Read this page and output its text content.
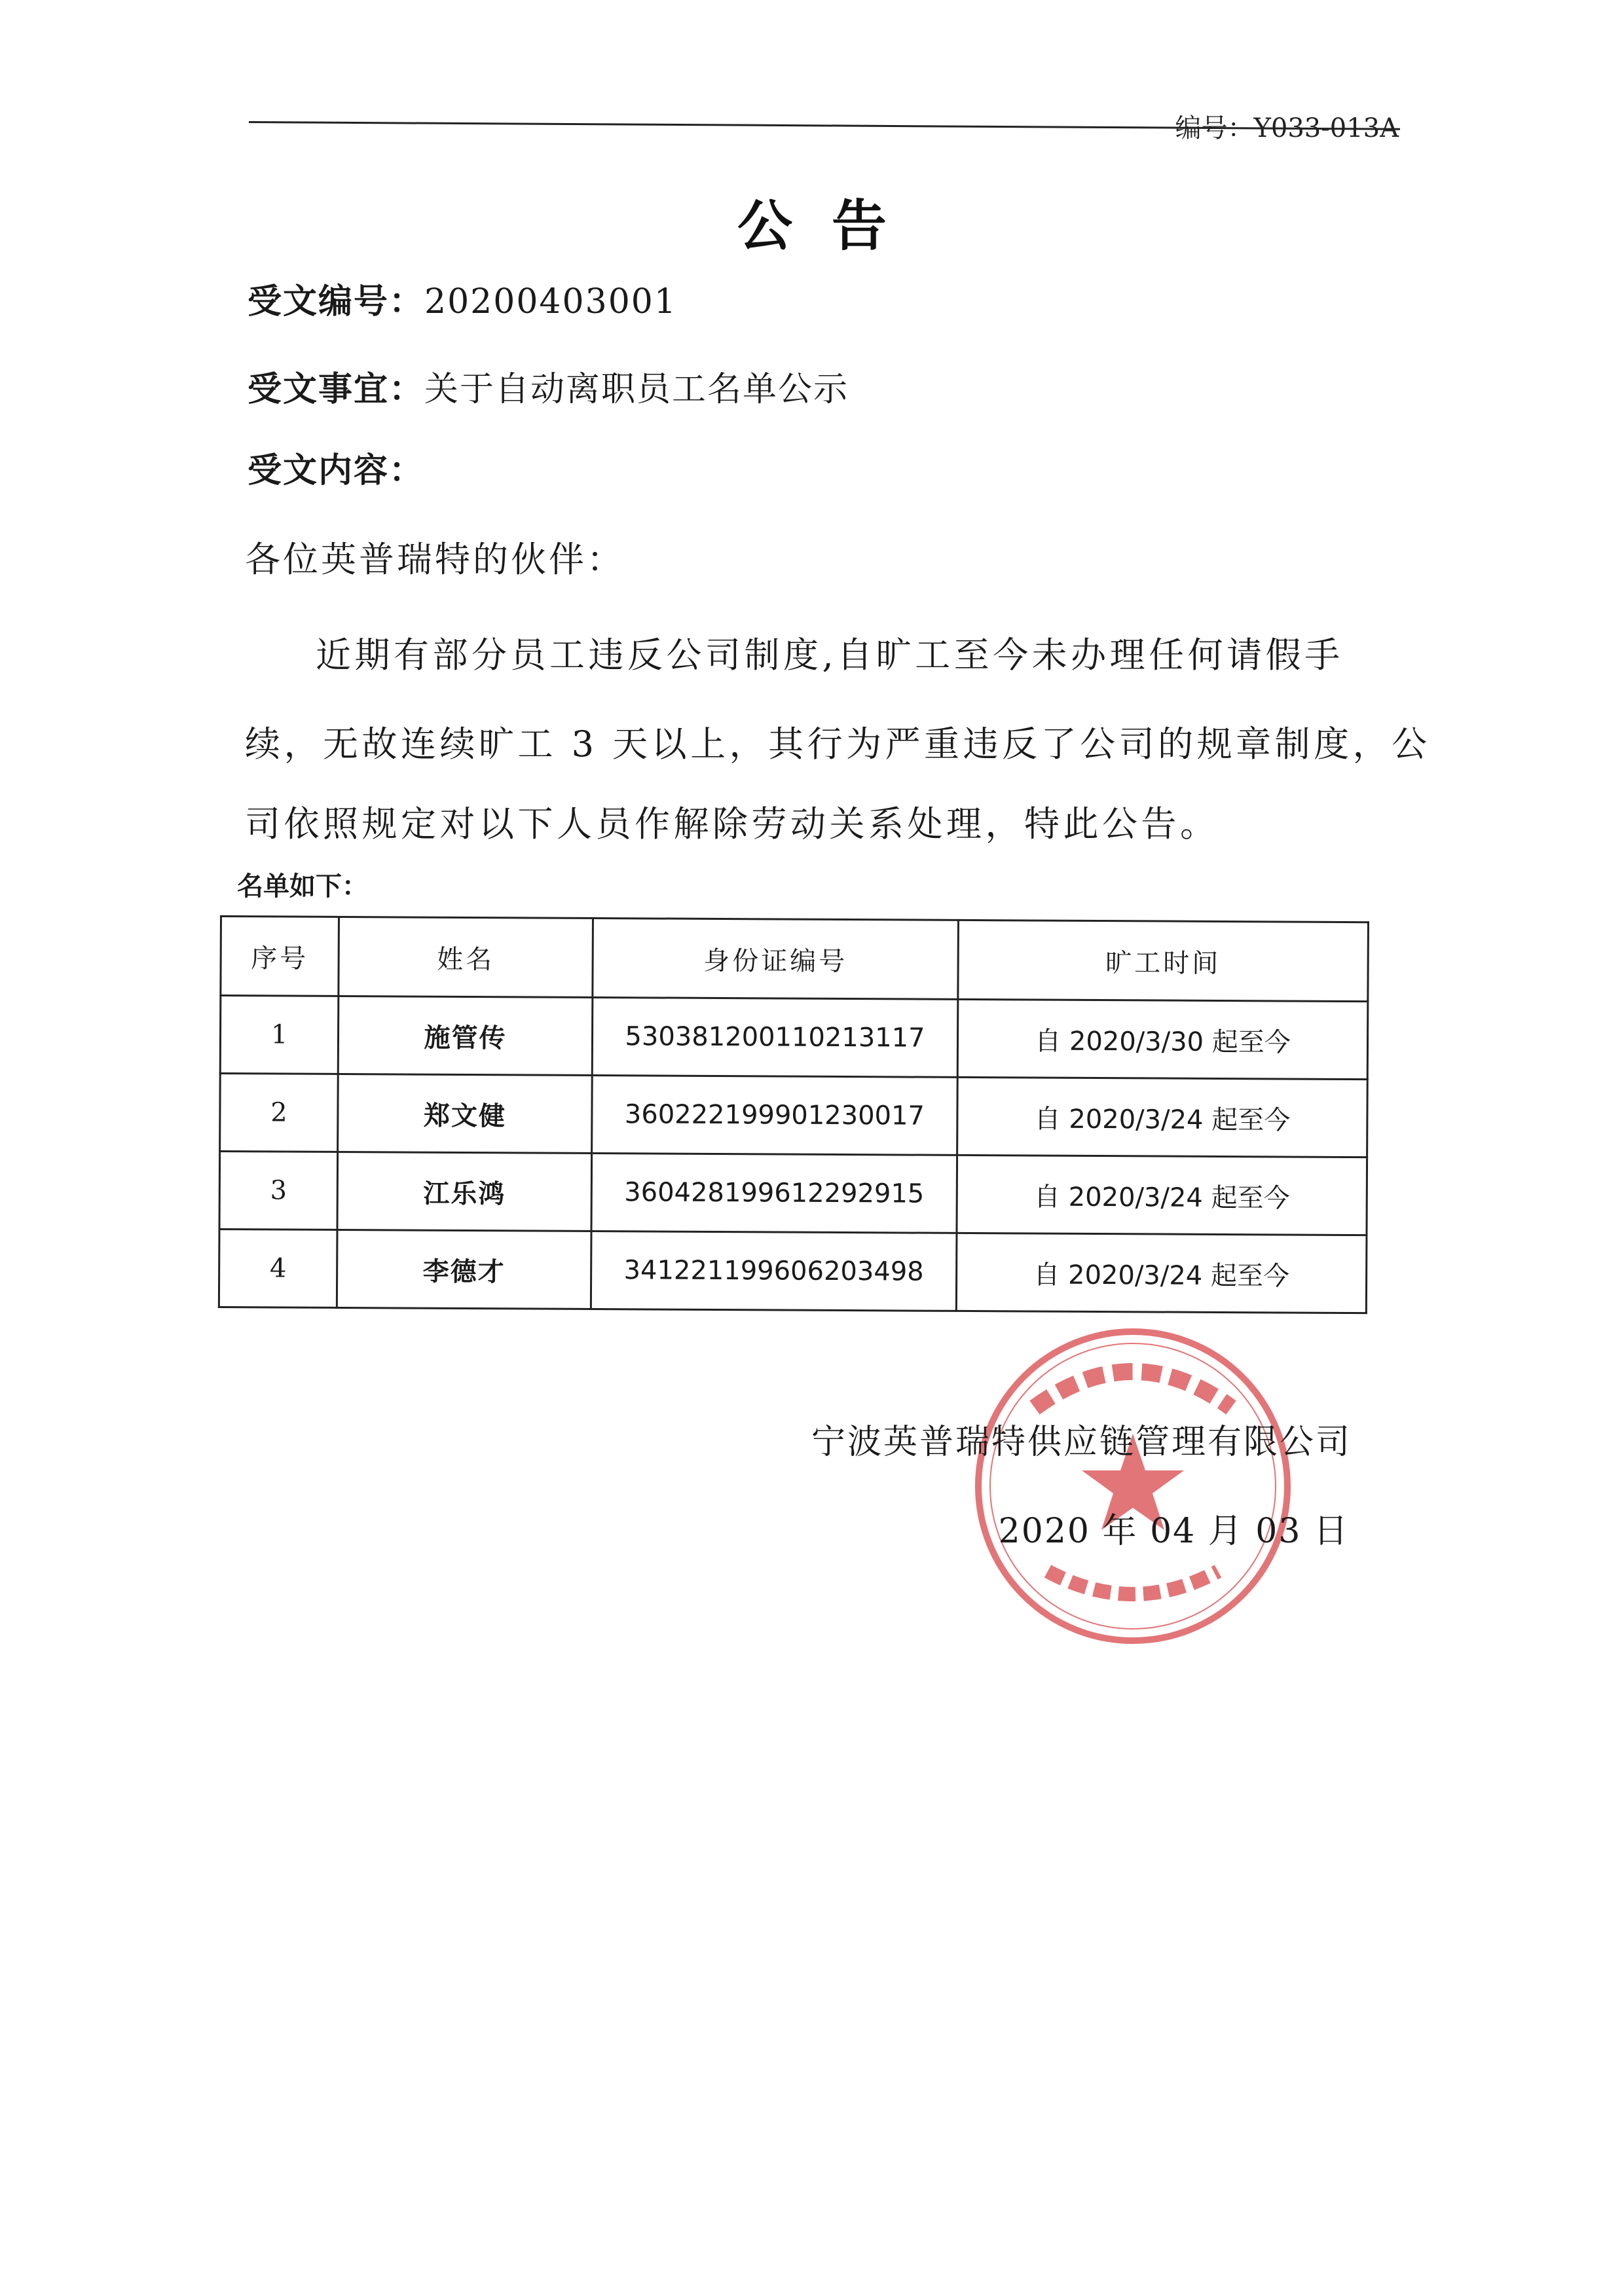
编号：Y033-013A
公告
受文编号：20200403001
受文事宜：关于自动离职员工名单公示
受文内容：
各位英普瑞特的伙伴：
近期有部分员工违反公司制度,自旷工至今未办理任何请假手
续，无故连续旷工 3 天以上，其行为严重违反了公司的规章制度，公
司依照规定对以下人员作解除劳动关系处理，特此公告。
名单如下：
序号	姓名	身份证编号	旷工时间
1	施管传	530381200110213117	自 2020/3/30 起至今
2	郑文健	360222199901230017	自 2020/3/24 起至今
3	江乐鸿	360428199612292915	自 2020/3/24 起至今
4	李德才	341221199606203498	自 2020/3/24 起至今
宁波英普瑞特供应链管理有限公司
2020 年 04 月 03 日
